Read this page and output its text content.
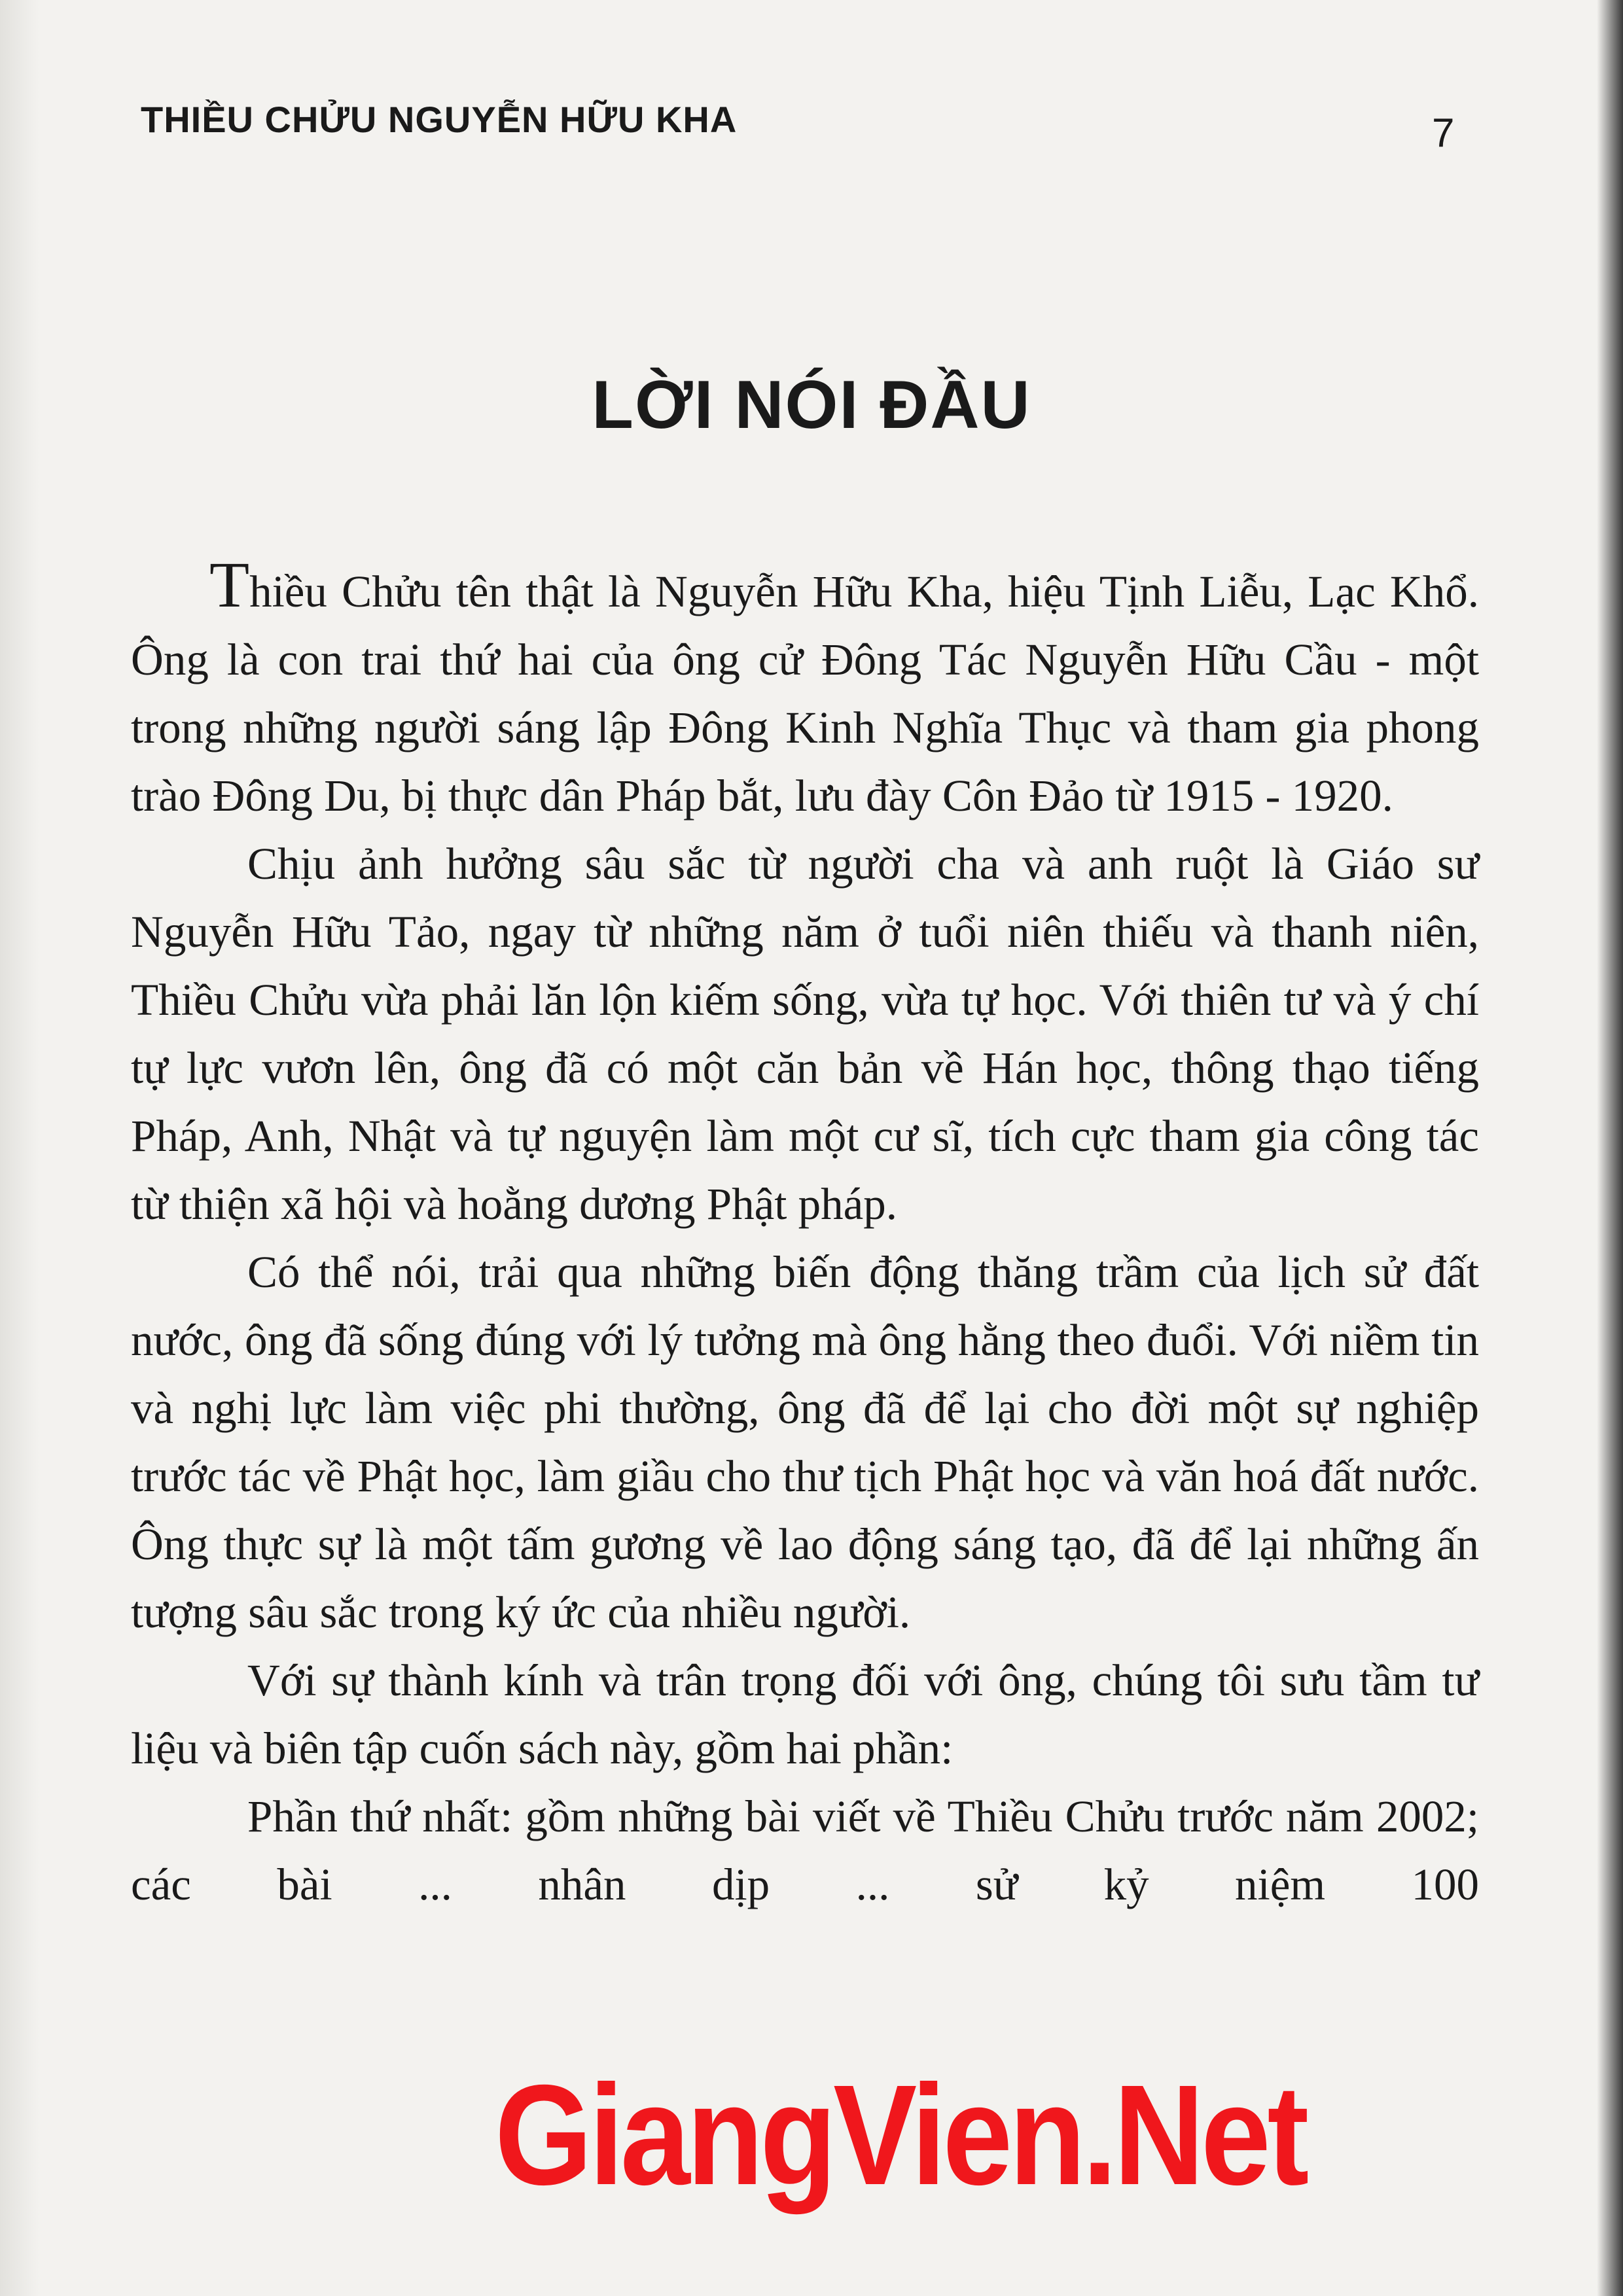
THIỀU CHỬU NGUYỄN HỮU KHA	7
LỜI NÓI ĐẦU

Thiều Chửu tên thật là Nguyễn Hữu Kha, hiệu Tịnh Liễu, Lạc Khổ. Ông là con trai thứ hai của ông cử Đông Tác Nguyễn Hữu Cầu - một trong những người sáng lập Đông Kinh Nghĩa Thục và tham gia phong trào Đông Du, bị thực dân Pháp bắt, lưu đày Côn Đảo từ 1915 - 1920.

Chịu ảnh hưởng sâu sắc từ người cha và anh ruột là Giáo sư Nguyễn Hữu Tảo, ngay từ những năm ở tuổi niên thiếu và thanh niên, Thiều Chửu vừa phải lăn lộn kiếm sống, vừa tự học. Với thiên tư và ý chí tự lực vươn lên, ông đã có một căn bản về Hán học, thông thạo tiếng Pháp, Anh, Nhật và tự nguyện làm một cư sĩ, tích cực tham gia công tác từ thiện xã hội và hoằng dương Phật pháp.

Có thể nói, trải qua những biến động thăng trầm của lịch sử đất nước, ông đã sống đúng với lý tưởng mà ông hằng theo đuổi. Với niềm tin và nghị lực làm việc phi thường, ông đã để lại cho đời một sự nghiệp trước tác về Phật học, làm giầu cho thư tịch Phật học và văn hoá đất nước. Ông thực sự là một tấm gương về lao động sáng tạo, đã để lại những ấn tượng sâu sắc trong ký ức của nhiều người.

Với sự thành kính và trân trọng đối với ông, chúng tôi sưu tầm tư liệu và biên tập cuốn sách này, gồm hai phần:

Phần thứ nhất: gồm những bài viết về Thiều Chửu trước năm 2002; các bài ... nhân dịp ... sử kỷ niệm 100

GiangVien.Net
